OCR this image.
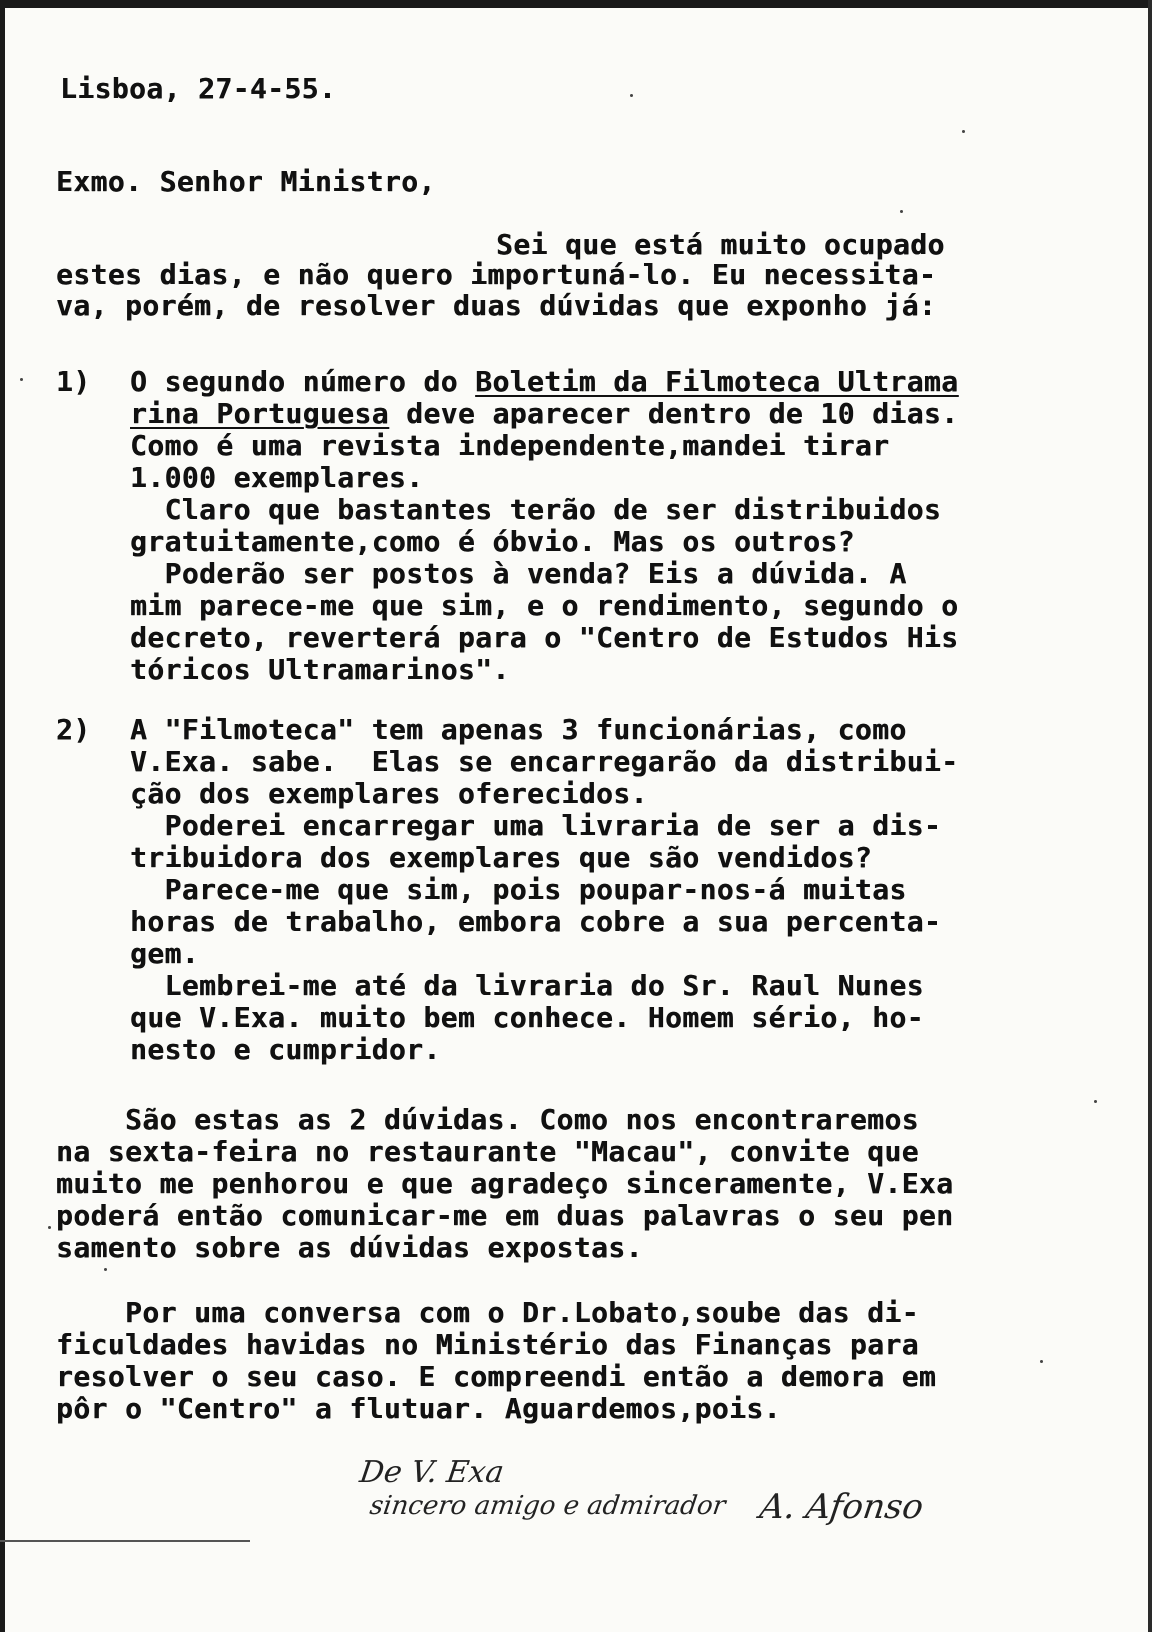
Lisboa, 27-4-55.
Exmo. Senhor Ministro,
Sei que está muito ocupado
estes dias, e não quero importuná-lo. Eu necessita-
va, porém, de resolver duas dúvidas que exponho já:
1) O segundo número do Boletim da Filmoteca Ultrama
rina Portuguesa deve aparecer dentro de 10 dias.
Como é uma revista independente,mandei tirar
1.000 exemplares.
Claro que bastantes terão de ser distribuidos
gratuitamente,como é óbvio. Mas os outros?
Poderão ser postos à venda? Eis a dúvida. A
mim parece-me que sim, e o rendimento, segundo o
decreto, reverterá para o "Centro de Estudos His
tóricos Ultramarinos".
2) A "Filmoteca" tem apenas 3 funcionárias, como
V.Exa. sabe.  Elas se encarregarão da distribui-
ção dos exemplares oferecidos.
Poderei encarregar uma livraria de ser a dis-
tribuidora dos exemplares que são vendidos?
Parece-me que sim, pois poupar-nos-á muitas
horas de trabalho, embora cobre a sua percenta-
gem.
Lembrei-me até da livraria do Sr. Raul Nunes
que V.Exa. muito bem conhece. Homem sério, ho-
nesto e cumpridor.
São estas as 2 dúvidas. Como nos encontraremos
na sexta-feira no restaurante "Macau", convite que
muito me penhorou e que agradeço sinceramente, V.Exa
poderá então comunicar-me em duas palavras o seu pen
samento sobre as dúvidas expostas.
Por uma conversa com o Dr.Lobato,soube das di-
ficuldades havidas no Ministério das Finanças para
resolver o seu caso. E compreendi então a demora em
pôr o "Centro" a flutuar. Aguardemos,pois.
De V. Exa
sincero amigo e admirador A. Afonso
